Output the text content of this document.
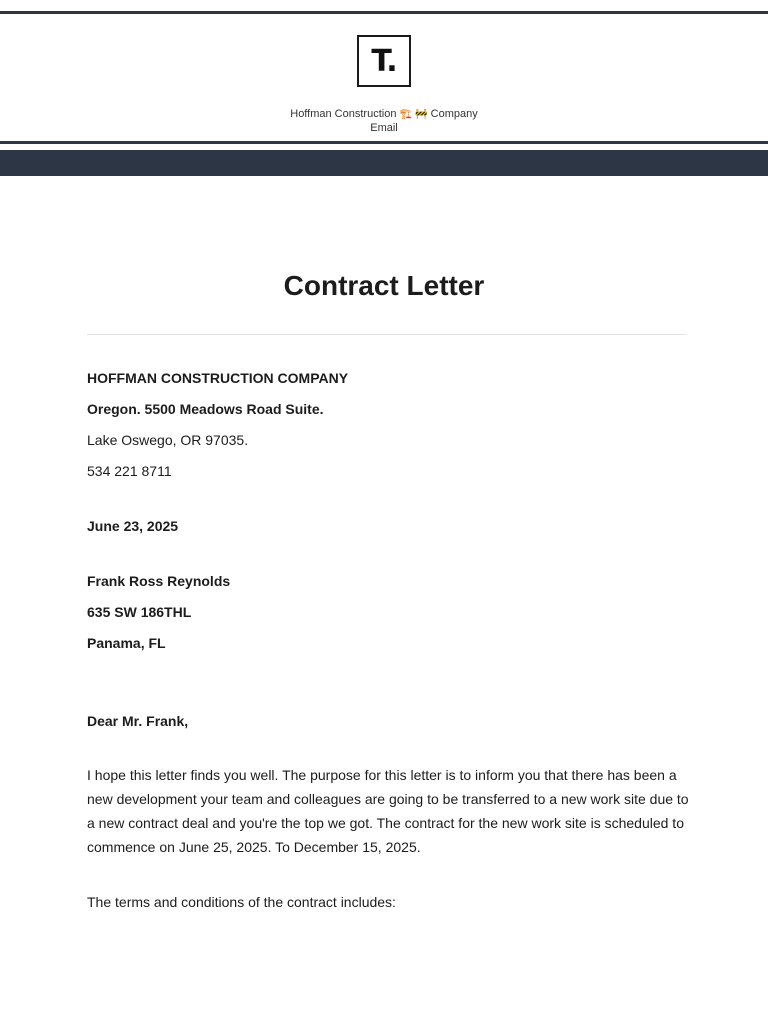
T.
Hoffman Construction 🏗️ 🚧 Company
Email
Contract Letter
HOFFMAN CONSTRUCTION COMPANY
Oregon. 5500 Meadows Road Suite.
Lake Oswego, OR 97035.
534 221 8711
June 23, 2025
Frank Ross Reynolds
635 SW 186THL
Panama, FL
Dear Mr. Frank,
I hope this letter finds you well. The purpose for this letter is to inform you that there has been a new development your team and colleagues are going to be transferred to a new work site due to a new contract deal and you're the top we got. The contract for the new work site is scheduled to commence on June 25, 2025. To December 15, 2025.
The terms and conditions of the contract includes:
